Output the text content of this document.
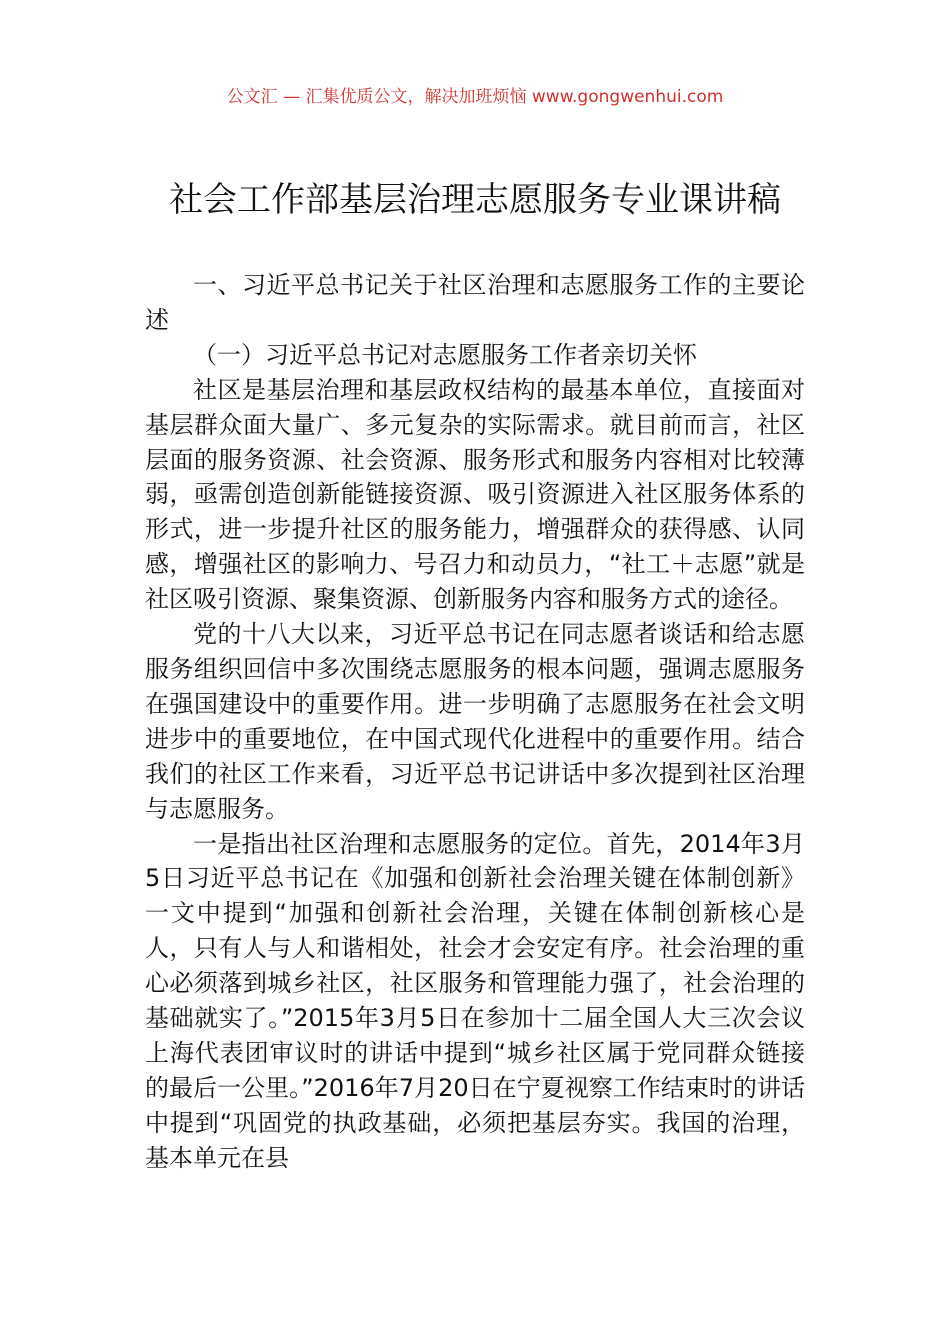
公文汇 — 汇集优质公文，解决加班烦恼 www.gongwenhui.com
社会工作部基层治理志愿服务专业课讲稿

一、习近平总书记关于社区治理和志愿服务工作的主要论述

（一）习近平总书记对志愿服务工作者亲切关怀

社区是基层治理和基层政权结构的最基本单位，直接面对基层群众面大量广、多元复杂的实际需求。就目前而言，社区层面的服务资源、社会资源、服务形式和服务内容相对比较薄弱，亟需创造创新能链接资源、吸引资源进入社区服务体系的形式，进一步提升社区的服务能力，增强群众的获得感、认同感，增强社区的影响力、号召力和动员力，“社工＋志愿”就是社区吸引资源、聚集资源、创新服务内容和服务方式的途径。

党的十八大以来，习近平总书记在同志愿者谈话和给志愿服务组织回信中多次围绕志愿服务的根本问题，强调志愿服务在强国建设中的重要作用。进一步明确了志愿服务在社会文明进步中的重要地位，在中国式现代化进程中的重要作用。结合我们的社区工作来看，习近平总书记讲话中多次提到社区治理与志愿服务。

一是指出社区治理和志愿服务的定位。首先，2014年3月5日习近平总书记在《加强和创新社会治理关键在体制创新》一文中提到“加强和创新社会治理，关键在体制创新核心是人，只有人与人和谐相处，社会才会安定有序。社会治理的重心必须落到城乡社区，社区服务和管理能力强了，社会治理的基础就实了。”2015年3月5日在参加十二届全国人大三次会议上海代表团审议时的讲话中提到“城乡社区属于党同群众链接的最后一公里。”2016年7月20日在宁夏视察工作结束时的讲话中提到“巩固党的执政基础，必须把基层夯实。我国的治理，基本单元在县
